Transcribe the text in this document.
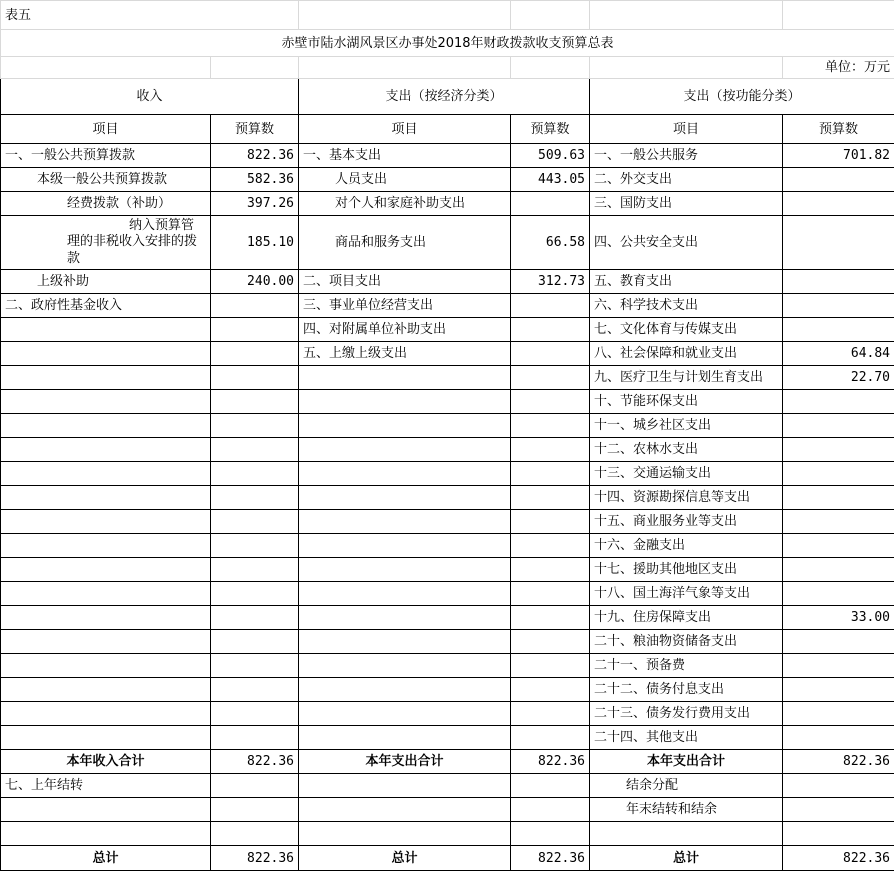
表五					
赤壁市陆水湖风景区办事处2018年财政拨款收支预算总表					
					单位：万元
收入		支出（按经济分类）		支出（按功能分类）	
项目	预算数	项目	预算数	项目	预算数
一、一般公共预算拨款	822.36	一、基本支出	509.63	一、一般公共服务	701.82
本级一般公共预算拨款	582.36	人员支出	443.05	二、外交支出	
经费拨款（补助）	397.26	对个人和家庭补助支出		三、国防支出	
纳入预算管理的非税收入安排的拨款	185.10	商品和服务支出	66.58	四、公共安全支出	
上级补助	240.00	二、项目支出	312.73	五、教育支出	
二、政府性基金收入		三、事业单位经营支出		六、科学技术支出	
		四、对附属单位补助支出		七、文化体育与传媒支出	
		五、上缴上级支出		八、社会保障和就业支出	64.84
				九、医疗卫生与计划生育支出	22.70
				十、节能环保支出	
				十一、城乡社区支出	
				十二、农林水支出	
				十三、交通运输支出	
				十四、资源勘探信息等支出	
				十五、商业服务业等支出	
				十六、金融支出	
				十七、援助其他地区支出	
				十八、国土海洋气象等支出	
				十九、住房保障支出	33.00
				二十、粮油物资储备支出	
				二十一、预备费	
				二十二、债务付息支出	
				二十三、债务发行费用支出	
				二十四、其他支出	
本年收入合计	822.36	本年支出合计	822.36	本年支出合计	822.36
七、上年结转				结余分配	
				年末结转和结余	

总计	822.36	总计	822.36	总计	822.36
